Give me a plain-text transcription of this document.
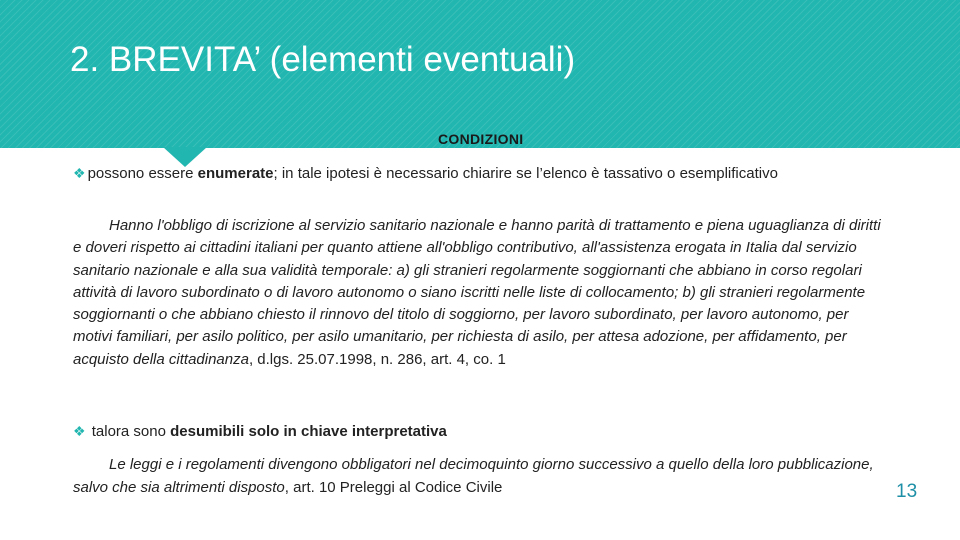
2. BREVITA’ (elementi eventuali)
CONDIZIONI

❖ possono essere enumerate; in tale ipotesi è necessario chiarire se l’elenco è tassativo o esemplificativo

Hanno l'obbligo di iscrizione al servizio sanitario nazionale e hanno parità di trattamento e piena uguaglianza di diritti e doveri rispetto ai cittadini italiani per quanto attiene all'obbligo contributivo, all'assistenza erogata in Italia dal servizio sanitario nazionale e alla sua validità temporale: a) gli stranieri regolarmente soggiornanti che abbiano in corso regolari attività di lavoro subordinato o di lavoro autonomo o siano iscritti nelle liste di collocamento; b) gli stranieri regolarmente soggiornanti o che abbiano chiesto il rinnovo del titolo di soggiorno, per lavoro subordinato, per lavoro autonomo, per motivi familiari, per asilo politico, per asilo umanitario, per richiesta di asilo, per attesa adozione, per affidamento, per acquisto della cittadinanza, d.lgs. 25.07.1998, n. 286, art. 4, co. 1

❖ talora sono desumibili solo in chiave interpretativa

Le leggi e i regolamenti divengono obbligatori nel decimoquinto giorno successivo a quello della loro pubblicazione, salvo che sia altrimenti disposto, art. 10 Preleggi al Codice Civile	13
